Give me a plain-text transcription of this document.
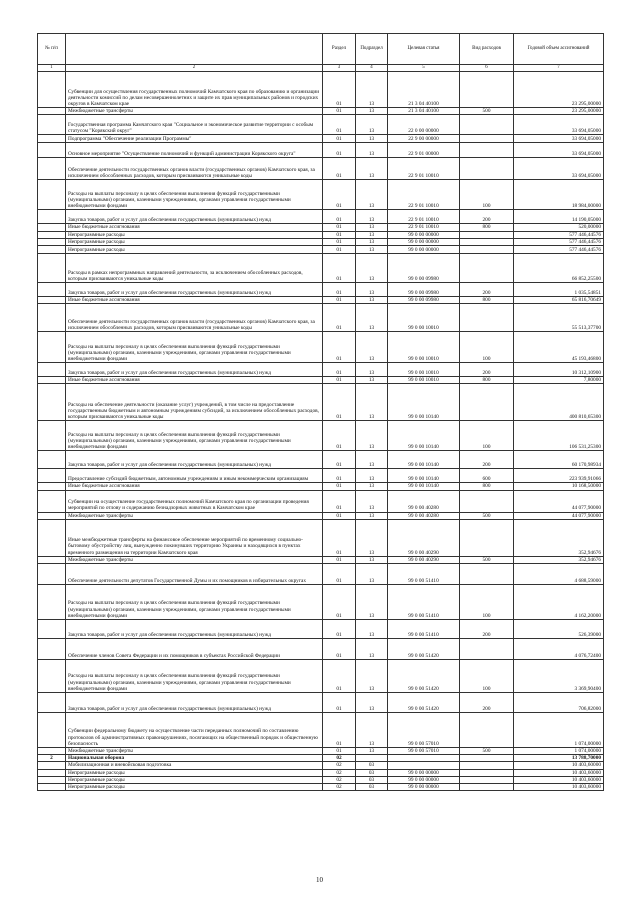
№ п/п		Раздел	Подраздел	Целевая статья	Вид расходов	Годовой объем ассигнований
1	2	3	4	5	6	7
	Субвенции для осуществления государственных полномочий Камчатского края по образованию и организации деятельности комиссий по делам несовершеннолетних и защите их прав муниципальных районов и городских округов в Камчатском крае	01	13	21 3 04 40100		23 295,00000
	Межбюджетные трансферты	01	13	21 3 04 40100	500	23 295,00000
	Государственная программа Камчатского края "Социальное и экономическое развитие территории с особым статусом "Корякский округ"	01	13	22 0 00 00000		33 694,05000
	Подпрограмма "Обеспечение реализации Программы"	01	13	22 9 00 00000		33 694,05000
	Основное мероприятие "Осуществление полномочий и функций администрации Корякского округа"	01	13	22 9 01 00000		33 694,05000
	Обеспечение деятельности государственных органов власти (государственных органов) Камчатского края, за исключением обособленных расходов, которым присваиваются уникальные коды	01	13	22 9 01 10010		33 694,05000
	Расходы на выплаты персоналу в целях обеспечения выполнения функций государственными (муниципальными) органами, казенными учреждениями, органами управления государственными внебюджетными фондами	01	13	22 9 01 10010	100	18 984,00000
	Закупка товаров, работ и услуг для обеспечения государственных (муниципальных) нужд	01	13	22 9 01 10010	200	14 190,05000
	Иные бюджетные ассигнования	01	13	22 9 01 10010	800	520,00000
	Непрограммные расходы	01	13	99 0 00 00000		577 446,44576
	Непрограммные расходы	01	13	99 0 00 00000		577 446,44576
	Непрограммные расходы	01	13	99 0 00 00000		577 446,44576
	Расходы в рамках непрограммных направлений деятельности, за исключением обособленных расходов, которым присваиваются уникальные коды	01	13	99 0 00 09980		66 852,25500
	Закупка товаров, работ и услуг для обеспечения государственных (муниципальных) нужд	01	13	99 0 00 09980	200	1 035,54851
	Иные бюджетные ассигнования	01	13	99 0 00 09980	800	65 816,70649
	Обеспечение деятельности государственных органов власти (государственных органов) Камчатского края, за исключением обособленных расходов, которым присваиваются уникальные коды	01	13	99 0 00 10010		55 513,37700
	Расходы на выплаты персоналу в целях обеспечения выполнения функций государственными (муниципальными) органами, казенными учреждениями, органами управления государственными внебюджетными фондами	01	13	99 0 00 10010	100	45 193,46800
	Закупка товаров, работ и услуг для обеспечения государственных (муниципальных) нужд	01	13	99 0 00 10010	200	10 312,10900
	Иные бюджетные ассигнования	01	13	99 0 00 10010	800	7,80000
	Расходы на обеспечение деятельности (оказание услуг) учреждений, в том числе на предоставление государственным бюджетным и автономным учреждениям субсидий, за исключением обособленных расходов, которым присваиваются уникальные коды	01	13	99 0 00 10140		400 810,65300
	Расходы на выплаты персоналу в целях обеспечения выполнения функций государственными (муниципальными) органами, казенными учреждениями, органами управления государственными внебюджетными фондами	01	13	99 0 00 10140	100	106 531,25300
	Закупка товаров, работ и услуг для обеспечения государственных (муниципальных) нужд	01	13	99 0 00 10140	200	60 170,98934
	Предоставление субсидий бюджетным, автономным учреждениям и иным некоммерческим организациям	01	13	99 0 00 10140	600	223 939,91066
	Иные бюджетные ассигнования	01	13	99 0 00 10140	800	10 168,50000
	Субвенции на осуществление государственных полномочий Камчатского края по организации проведения мероприятий по отлову и содержанию безнадзорных животных в Камчатском крае	01	13	99 0 00 40280		44 077,90000
	Межбюджетные трансферты	01	13	99 0 00 40280	500	44 077,90000
	Иные межбюджетные трансферты на финансовое обеспечение мероприятий по временному социально-бытовому обустройству лиц, вынужденно покинувших территорию Украины и находящихся в пунктах временного размещения на территории Камчатского края	01	13	99 0 00 40290		352,94676
	Межбюджетные трансферты	01	13	99 0 00 40290	500	352,94676
	Обеспечение деятельности депутатов Государственной Думы и их помощников в избирательных округах	01	13	99 0 00 51410		4 688,59000
	Расходы на выплаты персоналу в целях обеспечения выполнения функций государственными (муниципальными) органами, казенными учреждениями, органами управления государственными внебюджетными фондами	01	13	99 0 00 51410	100	4 162,20000
	Закупка товаров, работ и услуг для обеспечения государственных (муниципальных) нужд	01	13	99 0 00 51410	200	526,39000
	Обеспечение членов Совета Федерации и их помощников в субъектах Российской Федерации	01	13	99 0 00 51420		4 076,72400
	Расходы на выплаты персоналу в целях обеспечения выполнения функций государственными (муниципальными) органами, казенными учреждениями, органами управления государственными внебюджетными фондами	01	13	99 0 00 51420	100	3 369,90400
	Закупка товаров, работ и услуг для обеспечения государственных (муниципальных) нужд	01	13	99 0 00 51420	200	706,82000
	Субвенции федеральному бюджету на осуществление части переданных полномочий по составлению протоколов об административных правонарушениях, посягающих на общественный порядок и общественную безопасность	01	13	99 0 00 57010		1 074,00000
	Межбюджетные трансферты	01	13	99 0 00 57010	500	1 074,00000
2	Национальная оборона	02				13 788,70000
	Мобилизационная и вневойсковая подготовка	02	03			10 403,60000
	Непрограммные расходы	02	03	99 0 00 00000		10 403,60000
	Непрограммные расходы	02	03	99 0 00 00000		10 403,60000
	Непрограммные расходы	02	03	99 0 00 00000		10 403,60000
10
